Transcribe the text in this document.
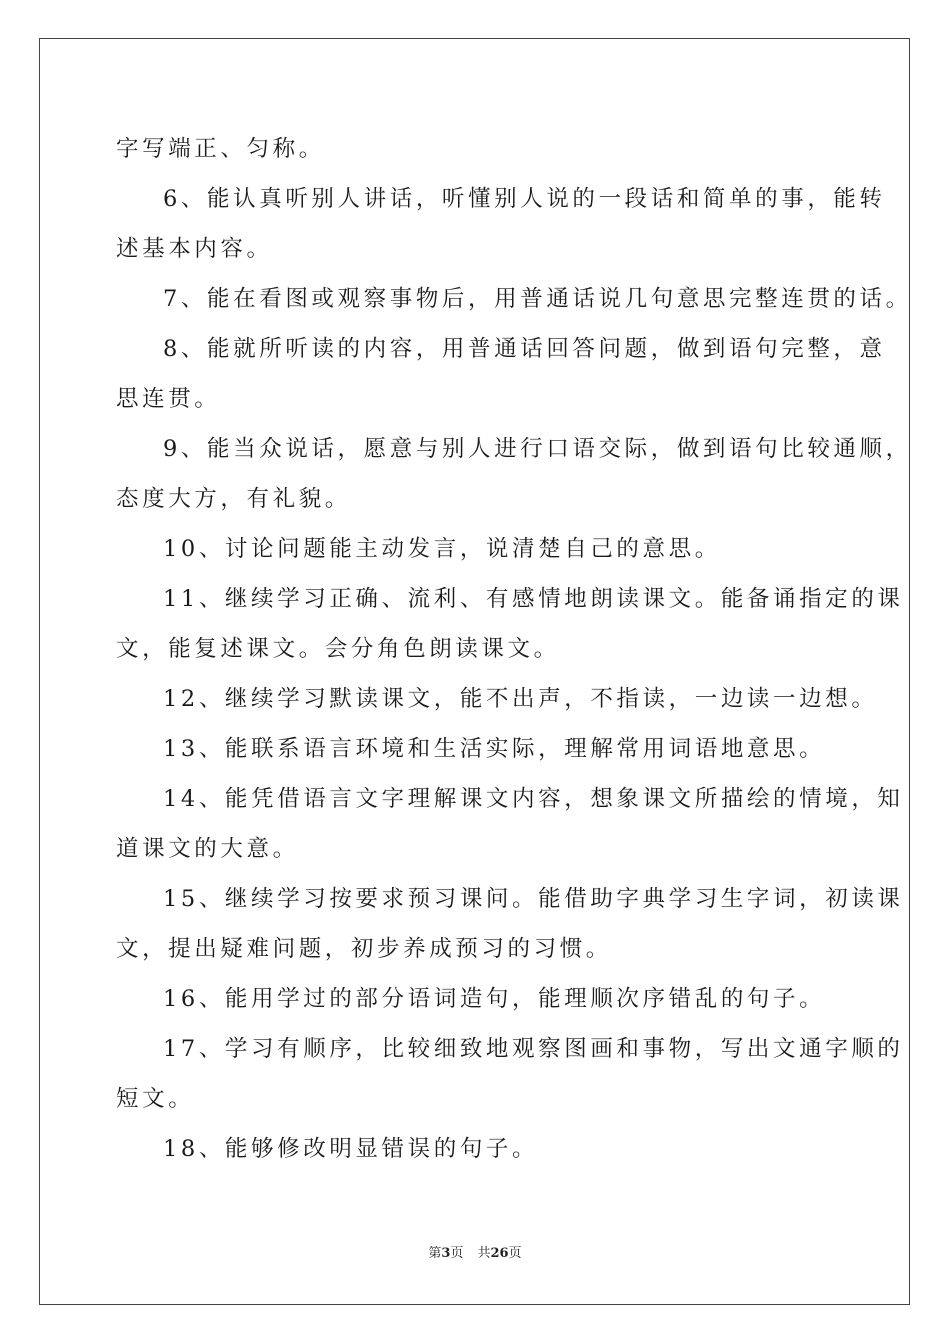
字写端正、匀称。
6、能认真听别人讲话，听懂别人说的一段话和简单的事，能转
述基本内容。
7、能在看图或观察事物后，用普通话说几句意思完整连贯的话。
8、能就所听读的内容，用普通话回答问题，做到语句完整，意
思连贯。
9、能当众说话，愿意与别人进行口语交际，做到语句比较通顺，
态度大方，有礼貌。
10、讨论问题能主动发言，说清楚自己的意思。
11、继续学习正确、流利、有感情地朗读课文。能备诵指定的课
文，能复述课文。会分角色朗读课文。
12、继续学习默读课文，能不出声，不指读，一边读一边想。
13、能联系语言环境和生活实际，理解常用词语地意思。
14、能凭借语言文字理解课文内容，想象课文所描绘的情境，知
道课文的大意。
15、继续学习按要求预习课问。能借助字典学习生字词，初读课
文，提出疑难问题，初步养成预习的习惯。
16、能用学过的部分语词造句，能理顺次序错乱的句子。
17、学习有顺序，比较细致地观察图画和事物，写出文通字顺的
短文。
18、能够修改明显错误的句子。
第3页 共26页
